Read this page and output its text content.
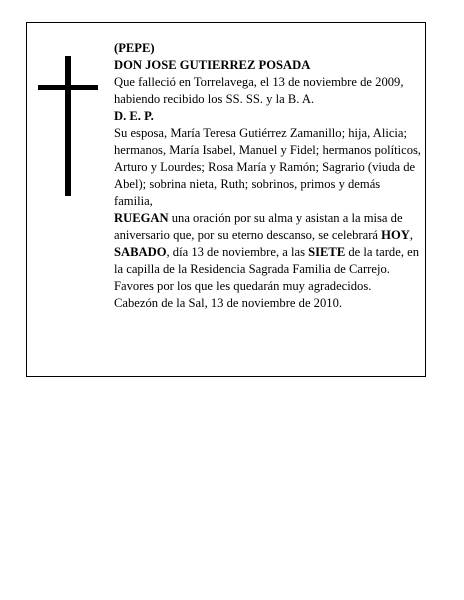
(PEPE)

DON JOSE GUTIERREZ POSADA

Que falleció en Torrelavega, el 13 de noviembre de 2009, habiendo recibido los SS. SS. y la B. A.

D. E. P.

Su esposa, María Teresa Gutiérrez Zamanillo; hija, Alicia; hermanos, María Isabel, Manuel y Fidel; hermanos políticos, Arturo y Lourdes; Rosa María y Ramón; Sagrario (viuda de Abel); sobrina nieta, Ruth; sobrinos, primos y demás familia,

RUEGAN una oración por su alma y asistan a la misa de aniversario que, por su eterno descanso, se celebrará HOY, SABADO, día 13 de noviembre, a las SIETE de la tarde, en la capilla de la Residencia Sagrada Familia de Carrejo. Favores por los que les quedarán muy agradecidos.

Cabezón de la Sal, 13 de noviembre de 2010.
